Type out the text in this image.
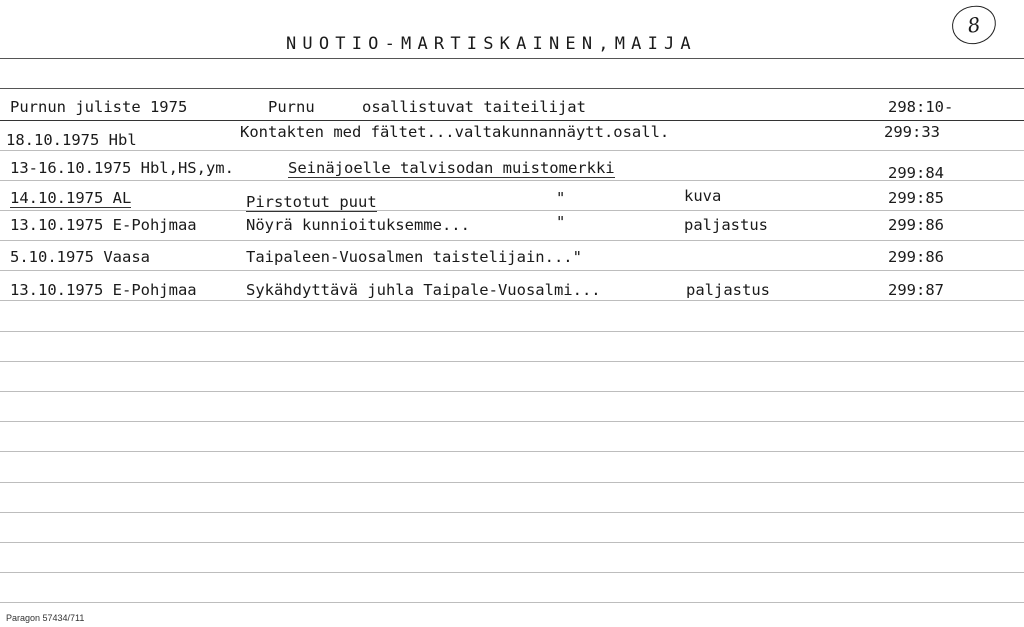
NUOTIO-MARTISKAINEN,MAIJA
8
Purnun juliste 1975	Purnu	osallistuvat taiteilijat	298:10-
18.10.1975 Hbl	Kontakten med fältet...valtakunnannäytt.osall.	299:33
13-16.10.1975 Hbl,HS,ym.	Seinäjoelle talvisodan muistomerkki	299:84
14.10.1975 AL	Pirstotut puut	"	kuva	299:85
13.10.1975 E-Pohjmaa	Nöyrä kunnioituksemme...	"	paljastus	299:86
5.10.1975 Vaasa	Taipaleen-Vuosalmen taistelijain..."	299:86
13.10.1975 E-Pohjmaa	Sykähdyttävä juhla Taipale-Vuosalmi...	paljastus	299:87
Paragon 57434/711
